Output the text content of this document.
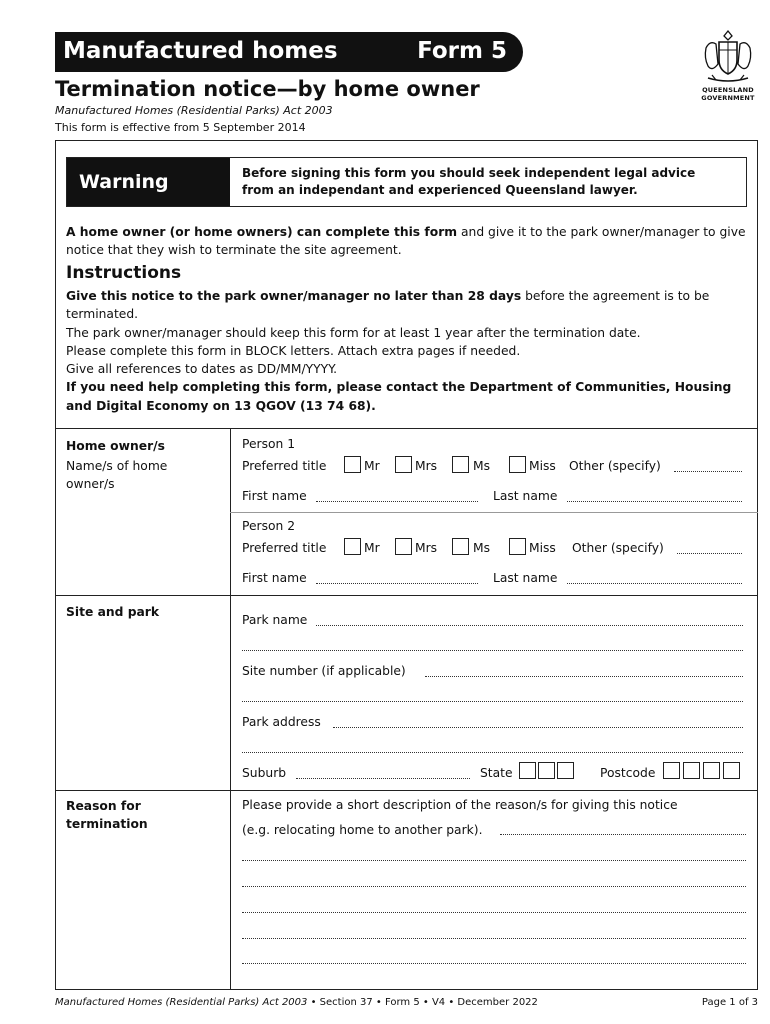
Manufactured homes	Form 5
QUEENSLAND
GOVERNMENT
Termination notice—by home owner
Manufactured Homes (Residential Parks) Act 2003
This form is effective from 5 September 2014
Warning	Before signing this form you should seek independent legal advice
from an independant and experienced Queensland lawyer.
A home owner (or home owners) can complete this form and give it to the park owner/manager to give notice that they wish to terminate the site agreement.
Instructions
Give this notice to the park owner/manager no later than 28 days before the agreement is to be terminated.
The park owner/manager should keep this form for at least 1 year after the termination date.
Please complete this form in BLOCK letters. Attach extra pages if needed.
Give all references to dates as DD/MM/YYYY.
If you need help completing this form, please contact the Department of Communities, Housing and Digital Economy on 13 QGOV (13 74 68).
Home owner/s
Name/s of home owner/s
Person 1
Preferred title	Mr	Mrs	Ms	Miss Other (specify)
First name	Last name
Person 2
Preferred title	Mr	Mrs	Ms	Miss Other (specify)
First name	Last name
Site and park
Park name
Site number (if applicable)
Park address
Suburb	State	Postcode
Reason for termination
Please provide a short description of the reason/s for giving this notice
(e.g. relocating home to another park).
Manufactured Homes (Residential Parks) Act 2003 • Section 37 • Form 5 • V4 • December 2022	Page 1 of 3
